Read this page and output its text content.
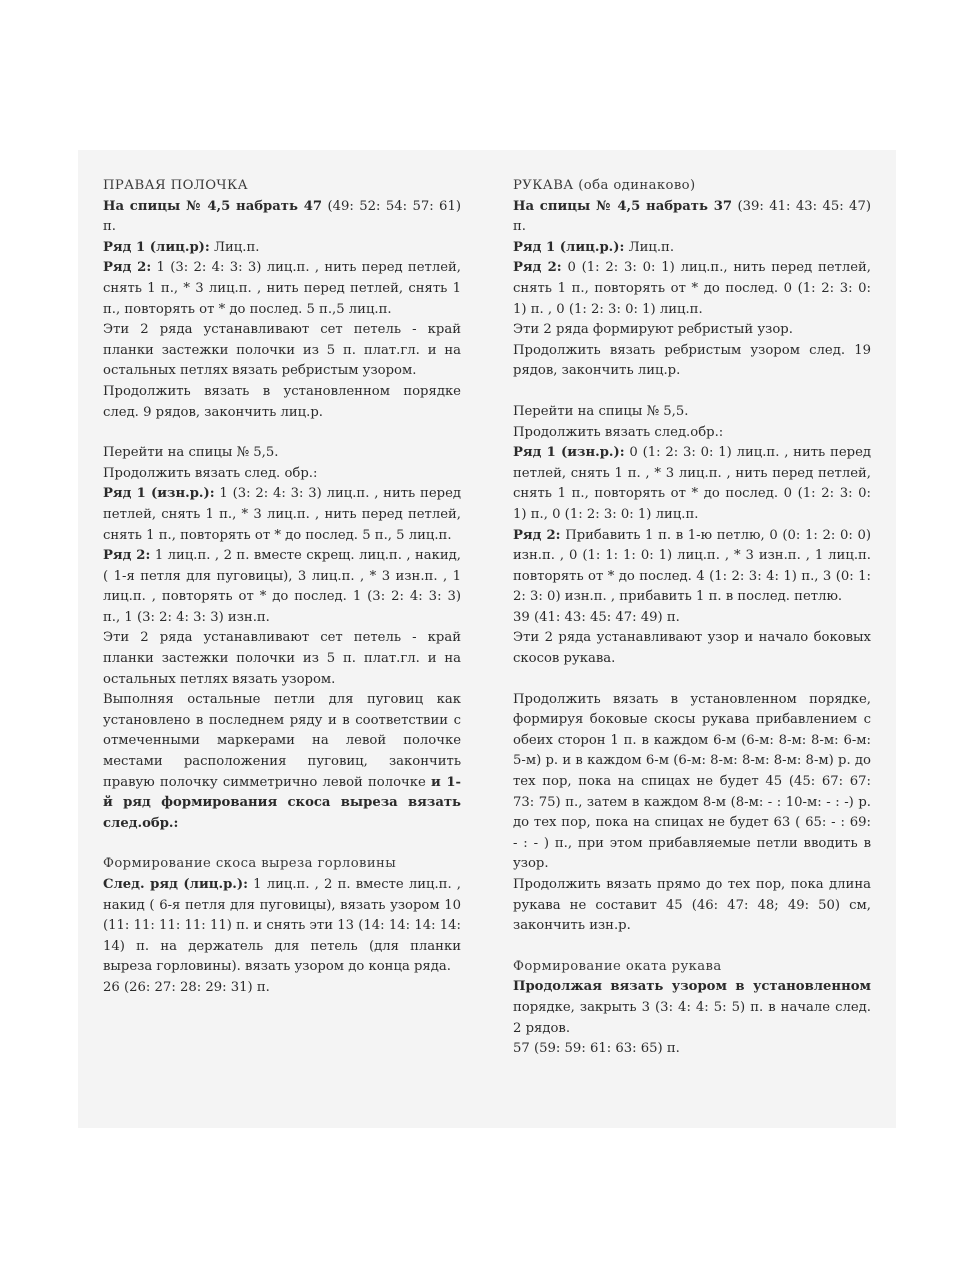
ПРАВАЯ ПОЛОЧКА

На спицы № 4,5 набрать 47 (49: 52: 54: 57: 61) п.

Ряд 1 (лиц.р): Лиц.п.

Ряд 2: 1 (3: 2: 4: 3: 3) лиц.п. , нить перед петлей, снять 1 п., * 3 лиц.п. , нить перед петлей, снять 1 п., повторять от * до послед. 5 п.,5 лиц.п.

Эти 2 ряда устанавливают сет петель - край планки застежки полочки из 5 п. плат.гл. и на остальных петлях вязать ребристым узором.

Продолжить вязать в установленном порядке след. 9 рядов, закончить лиц.р.

Перейти на спицы № 5,5.

Продолжить вязать след. обр.:

Ряд 1 (изн.р.): 1 (3: 2: 4: 3: 3) лиц.п. , нить перед петлей, снять 1 п., * 3 лиц.п. , нить перед петлей, снять 1 п., повторять от * до послед. 5 п., 5 лиц.п.

Ряд 2: 1 лиц.п. , 2 п. вместе скрещ. лиц.п. , накид, ( 1-я петля для пуговицы), 3 лиц.п. , * 3 изн.п. , 1 лиц.п. , повторять от * до послед. 1 (3: 2: 4: 3: 3) п., 1 (3: 2: 4: 3: 3) изн.п.

Эти 2 ряда устанавливают сет петель - край планки застежки полочки из 5 п. плат.гл. и на остальных петлях вязать узором.

Выполняя остальные петли для пуговиц как установлено в последнем ряду и в соответствии с отмеченными маркерами на левой полочке местами расположения пуговиц, закончить правую полочку симметрично левой полочке и 1-й ряд формирования скоса выреза вязать след.обр.:

Формирование скоса выреза горловины

След. ряд (лиц.р.): 1 лиц.п. , 2 п. вместе лиц.п. , накид ( 6-я петля для пуговицы), вязать узором 10 (11: 11: 11: 11: 11) п. и снять эти 13 (14: 14: 14: 14: 14) п. на держатель для петель (для планки выреза горловины). вязать узором до конца ряда.

26 (26: 27: 28: 29: 31) п.

РУКАВА (оба одинаково)

На спицы № 4,5 набрать 37 (39: 41: 43: 45: 47) п.

Ряд 1 (лиц.р.): Лиц.п.

Ряд 2: 0 (1: 2: 3: 0: 1) лиц.п., нить перед петлей, снять 1 п., повторять от * до послед. 0 (1: 2: 3: 0: 1) п. , 0 (1: 2: 3: 0: 1) лиц.п.

Эти 2 ряда формируют ребристый узор.

Продолжить вязать ребристым узором след. 19 рядов, закончить лиц.р.

Перейти на спицы № 5,5.

Продолжить вязать след.обр.:

Ряд 1 (изн.р.): 0 (1: 2: 3: 0: 1) лиц.п. , нить перед петлей, снять 1 п. , * 3 лиц.п. , нить перед петлей, снять 1 п., повторять от * до послед. 0 (1: 2: 3: 0: 1) п., 0 (1: 2: 3: 0: 1) лиц.п.

Ряд 2: Прибавить 1 п. в 1-ю петлю, 0 (0: 1: 2: 0: 0) изн.п. , 0 (1: 1: 1: 0: 1) лиц.п. , * 3 изн.п. , 1 лиц.п. повторять от * до послед. 4 (1: 2: 3: 4: 1) п., 3 (0: 1: 2: 3: 0) изн.п. , прибавить 1 п. в послед. петлю.

39 (41: 43: 45: 47: 49) п.

Эти 2 ряда устанавливают узор и начало боковых скосов рукава.

Продолжить вязать в установленном порядке, формируя боковые скосы рукава прибавлением с обеих сторон 1 п. в каждом 6-м (6-м: 8-м: 8-м: 6-м: 5-м) р. и в каждом 6-м (6-м: 8-м: 8-м: 8-м: 8-м) р. до тех пор, пока на спицах не будет 45 (45: 67: 67: 73: 75) п., затем в каждом 8-м (8-м: - : 10-м: - : -) р. до тех пор, пока на спицах не будет 63 ( 65: - : 69: - : - ) п., при этом прибавляемые петли вводить в узор.

Продолжить вязать прямо до тех пор, пока длина рукава не составит 45 (46: 47: 48; 49: 50) см, закончить изн.р.

Формирование оката рукава

Продолжая вязать узором в установленном порядке, закрыть 3 (3: 4: 4: 5: 5) п. в начале след. 2 рядов.

57 (59: 59: 61: 63: 65) п.
